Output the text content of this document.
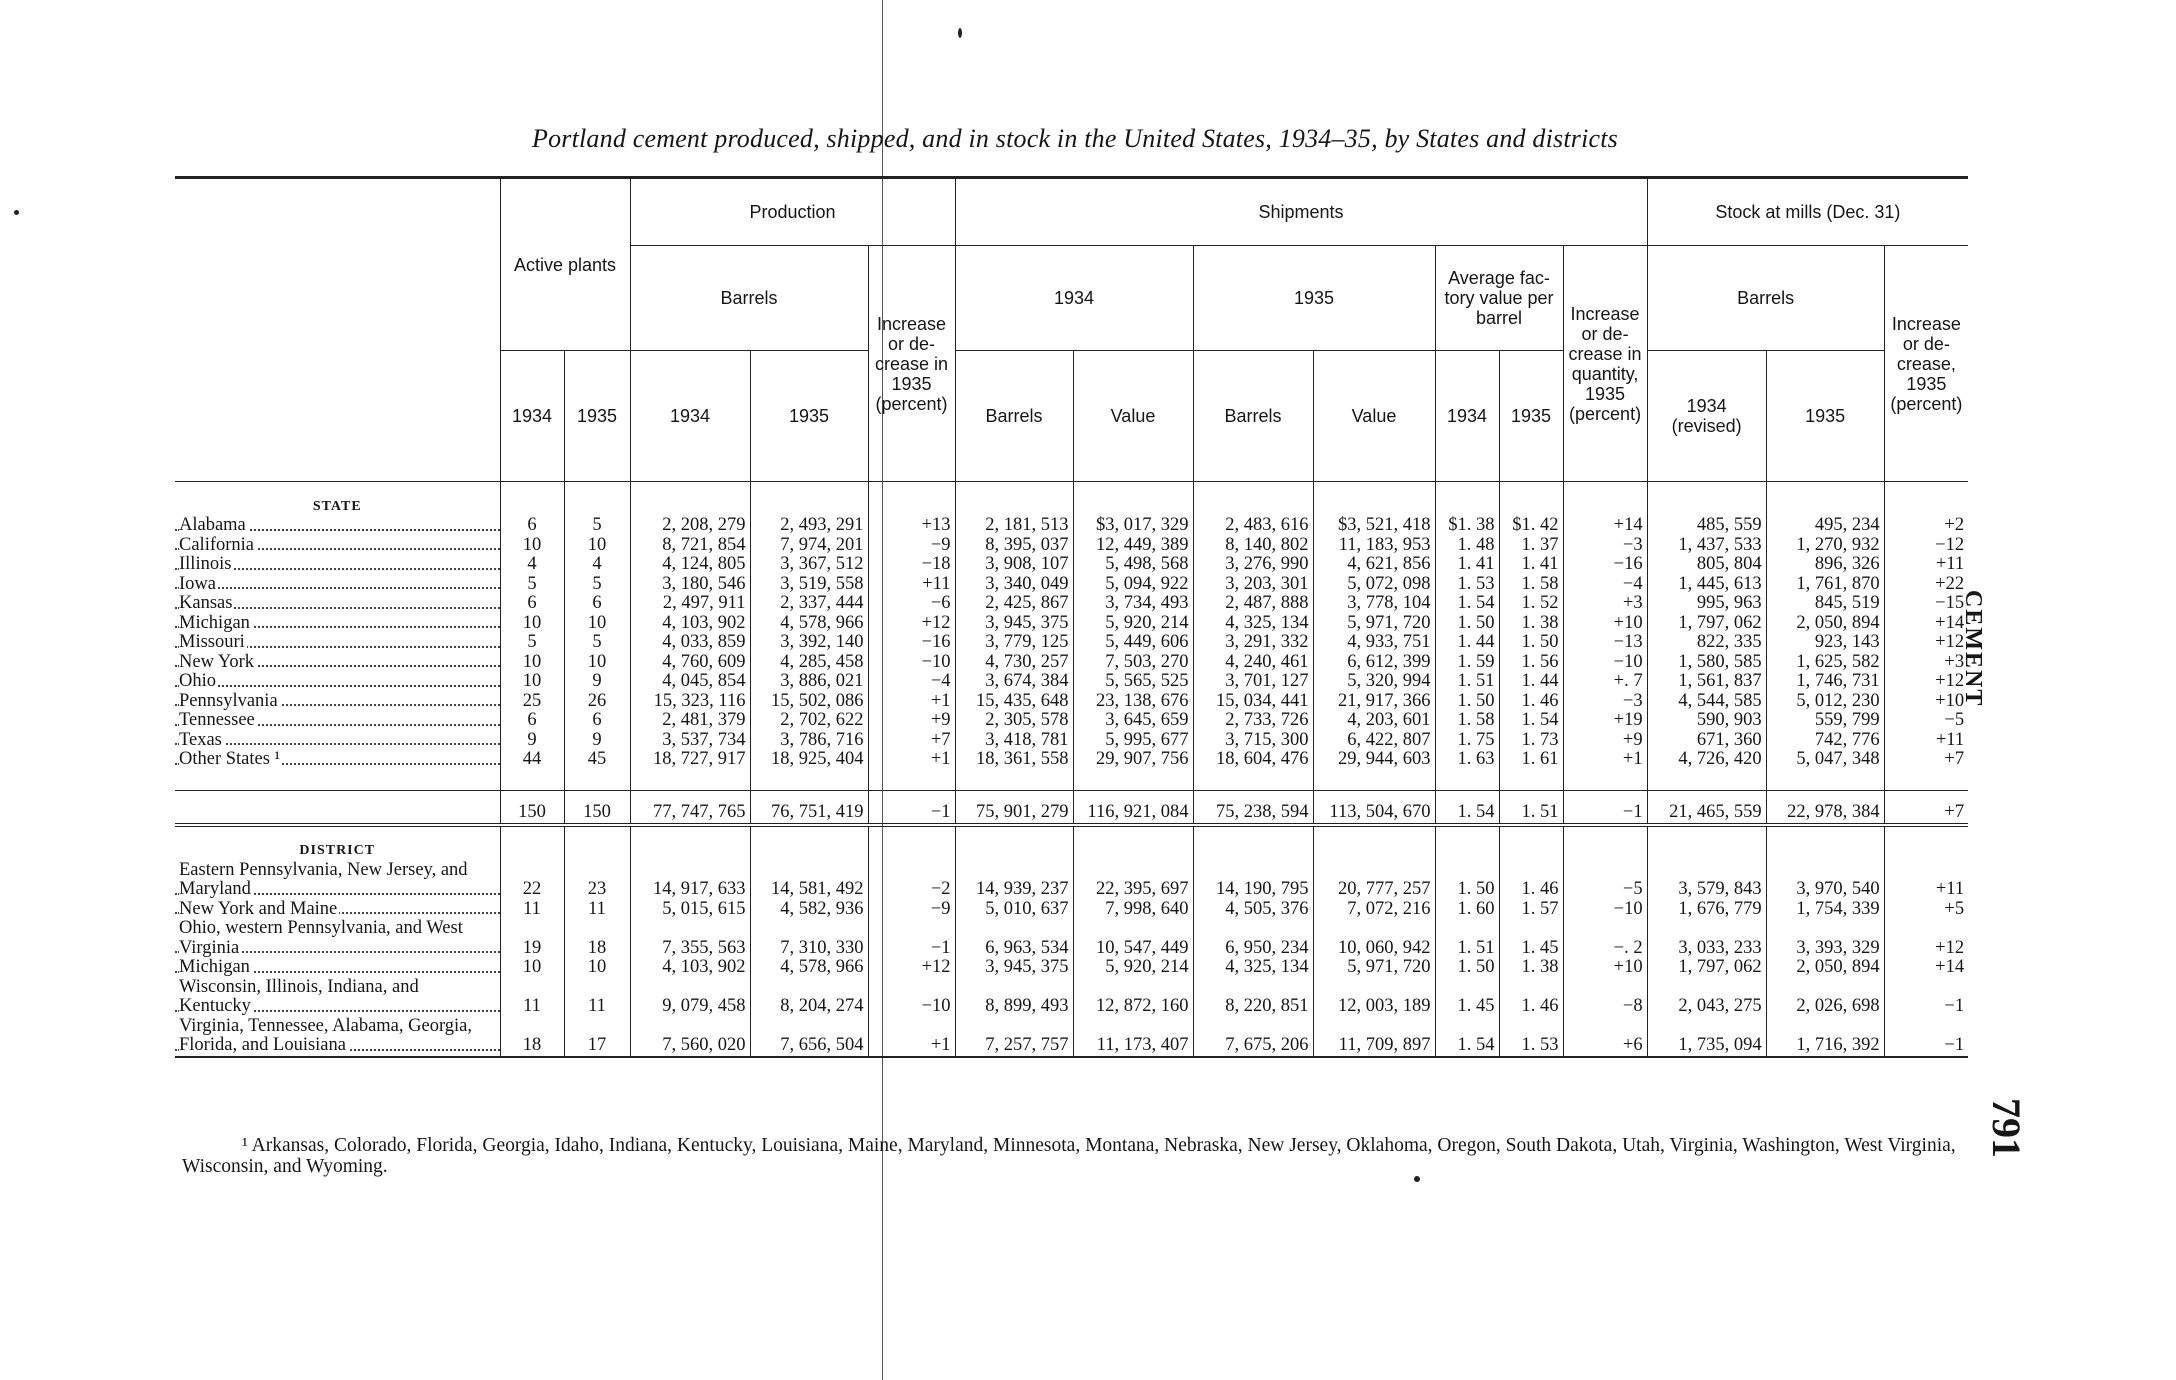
Portland cement produced, shipped, and in stock in the United States, 1934–35, by States and districts
	Active plants		Production			Shipments							Stock at mills (Dec. 31)		
			Barrels		Increase or decrease in 1935 (percent)	1934		1935		Average factory value per barrel		Increase or decrease in quantity, 1935 (percent)	Barrels		Increase or decrease, 1935 (percent)
	1934	1935	1934	1935		Barrels	Value	Barrels	Value	1934	1935		1934 (revised)	1935	
STATE															

Alabama	6	5	2, 208, 279	2, 493, 291	+13	2, 181, 513	$3, 017, 329	2, 483, 616	$3, 521, 418	$1. 38	$1. 42	+14	485, 559	495, 234	+2

California	10	10	8, 721, 854	7, 974, 201	−9	8, 395, 037	12, 449, 389	8, 140, 802	11, 183, 953	1. 48	1. 37	−3	1, 437, 533	1, 270, 932	−12

Illinois	4	4	4, 124, 805	3, 367, 512	−18	3, 908, 107	5, 498, 568	3, 276, 990	4, 621, 856	1. 41	1. 41	−16	805, 804	896, 326	+11

Iowa	5	5	3, 180, 546	3, 519, 558	+11	3, 340, 049	5, 094, 922	3, 203, 301	5, 072, 098	1. 53	1. 58	−4	1, 445, 613	1, 761, 870	+22

Kansas	6	6	2, 497, 911	2, 337, 444	−6	2, 425, 867	3, 734, 493	2, 487, 888	3, 778, 104	1. 54	1. 52	+3	995, 963	845, 519	−15

Michigan	10	10	4, 103, 902	4, 578, 966	+12	3, 945, 375	5, 920, 214	4, 325, 134	5, 971, 720	1. 50	1. 38	+10	1, 797, 062	2, 050, 894	+14

Missouri	5	5	4, 033, 859	3, 392, 140	−16	3, 779, 125	5, 449, 606	3, 291, 332	4, 933, 751	1. 44	1. 50	−13	822, 335	923, 143	+12

New York	10	10	4, 760, 609	4, 285, 458	−10	4, 730, 257	7, 503, 270	4, 240, 461	6, 612, 399	1. 59	1. 56	−10	1, 580, 585	1, 625, 582	+3

Ohio	10	9	4, 045, 854	3, 886, 021	−4	3, 674, 384	5, 565, 525	3, 701, 127	5, 320, 994	1. 51	1. 44	+. 7	1, 561, 837	1, 746, 731	+12

Pennsylvania	25	26	15, 323, 116	15, 502, 086	+1	15, 435, 648	23, 138, 676	15, 034, 441	21, 917, 366	1. 50	1. 46	−3	4, 544, 585	5, 012, 230	+10

Tennessee	6	6	2, 481, 379	2, 702, 622	+9	2, 305, 578	3, 645, 659	2, 733, 726	4, 203, 601	1. 58	1. 54	+19	590, 903	559, 799	−5

Texas	9	9	3, 537, 734	3, 786, 716	+7	3, 418, 781	5, 995, 677	3, 715, 300	6, 422, 807	1. 75	1. 73	+9	671, 360	742, 776	+11

Other States ¹	44	45	18, 727, 917	18, 925, 404	+1	18, 361, 558	29, 907, 756	18, 604, 476	29, 944, 603	1. 63	1. 61	+1	4, 726, 420	5, 047, 348	+7

	150	150	77, 747, 765	76, 751, 419	−1	75, 901, 279	116, 921, 084	75, 238, 594	113, 504, 670	1. 54	1. 51	−1	21, 465, 559	22, 978, 384	+7
DISTRICT															

Eastern Pennsylvania, New Jersey, and Maryland	22	23	14, 917, 633	14, 581, 492	−2	14, 939, 237	22, 395, 697	14, 190, 795	20, 777, 257	1. 50	1. 46	−5	3, 579, 843	3, 970, 540	+11

New York and Maine	11	11	5, 015, 615	4, 582, 936	−9	5, 010, 637	7, 998, 640	4, 505, 376	7, 072, 216	1. 60	1. 57	−10	1, 676, 779	1, 754, 339	+5

Ohio, western Pennsylvania, and West Virginia	19	18	7, 355, 563	7, 310, 330	−1	6, 963, 534	10, 547, 449	6, 950, 234	10, 060, 942	1. 51	1. 45	−. 2	3, 033, 233	3, 393, 329	+12

Michigan	10	10	4, 103, 902	4, 578, 966	+12	3, 945, 375	5, 920, 214	4, 325, 134	5, 971, 720	1. 50	1. 38	+10	1, 797, 062	2, 050, 894	+14

Wisconsin, Illinois, Indiana, and Kentucky	11	11	9, 079, 458	8, 204, 274	−10	8, 899, 493	12, 872, 160	8, 220, 851	12, 003, 189	1. 45	1. 46	−8	2, 043, 275	2, 026, 698	−1

Virginia, Tennessee, Alabama, Georgia, Florida, and Louisiana	18	17	7, 560, 020	7, 656, 504	+1	7, 257, 757	11, 173, 407	7, 675, 206	11, 709, 897	1. 54	1. 53	+6	1, 735, 094	1, 716, 392	−1
¹ Arkansas, Colorado, Florida, Georgia, Idaho, Indiana, Kentucky, Louisiana, Maine, Maryland, Minnesota, Montana, Nebraska, New Jersey, Oklahoma, Oregon, South Dakota, Utah, Virginia, Washington, West Virginia, Wisconsin, and Wyoming.
CEMENT
791
